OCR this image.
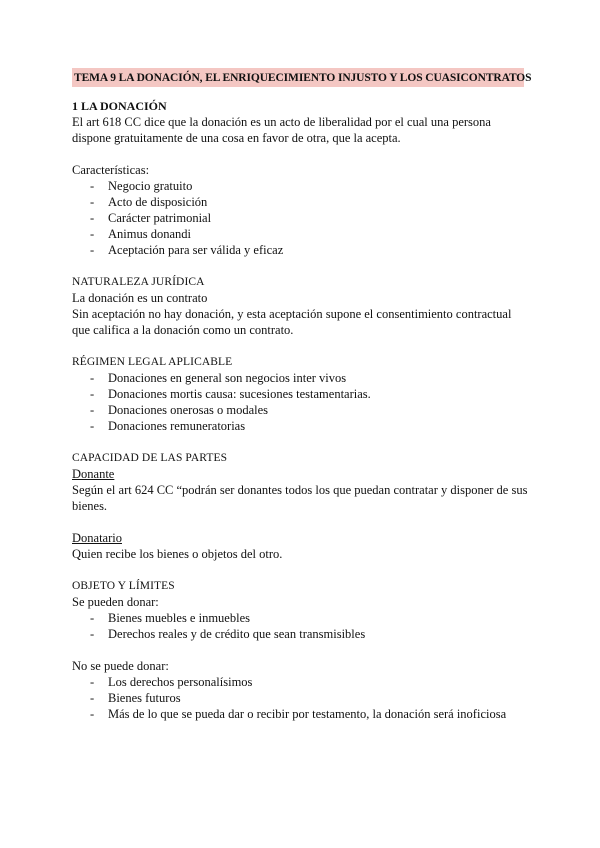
TEMA 9 LA DONACIÓN, EL ENRIQUECIMIENTO INJUSTO Y LOS CUASICONTRATOS

1 LA DONACIÓN

El art 618 CC dice que la donación es un acto de liberalidad por el cual una persona dispone gratuitamente de una cosa en favor de otra, que la acepta.

Características:

- Negocio gratuito
- Acto de disposición
- Carácter patrimonial
- Animus donandi
- Aceptación para ser válida y eficaz

NATURALEZA JURÍDICA

La donación es un contrato

Sin aceptación no hay donación, y esta aceptación supone el consentimiento contractual que califica a la donación como un contrato.

RÉGIMEN LEGAL APLICABLE

- Donaciones en general son negocios inter vivos
- Donaciones mortis causa: sucesiones testamentarias.
- Donaciones onerosas o modales
- Donaciones remuneratorias

CAPACIDAD DE LAS PARTES

Donante

Según el art 624 CC “podrán ser donantes todos los que puedan contratar y disponer de sus bienes.

Donatario

Quien recibe los bienes o objetos del otro.

OBJETO Y LÍMITES

Se pueden donar:

- Bienes muebles e inmuebles
- Derechos reales y de crédito que sean transmisibles

No se puede donar:

- Los derechos personalísimos
- Bienes futuros
- Más de lo que se pueda dar o recibir por testamento, la donación será inoficiosa
